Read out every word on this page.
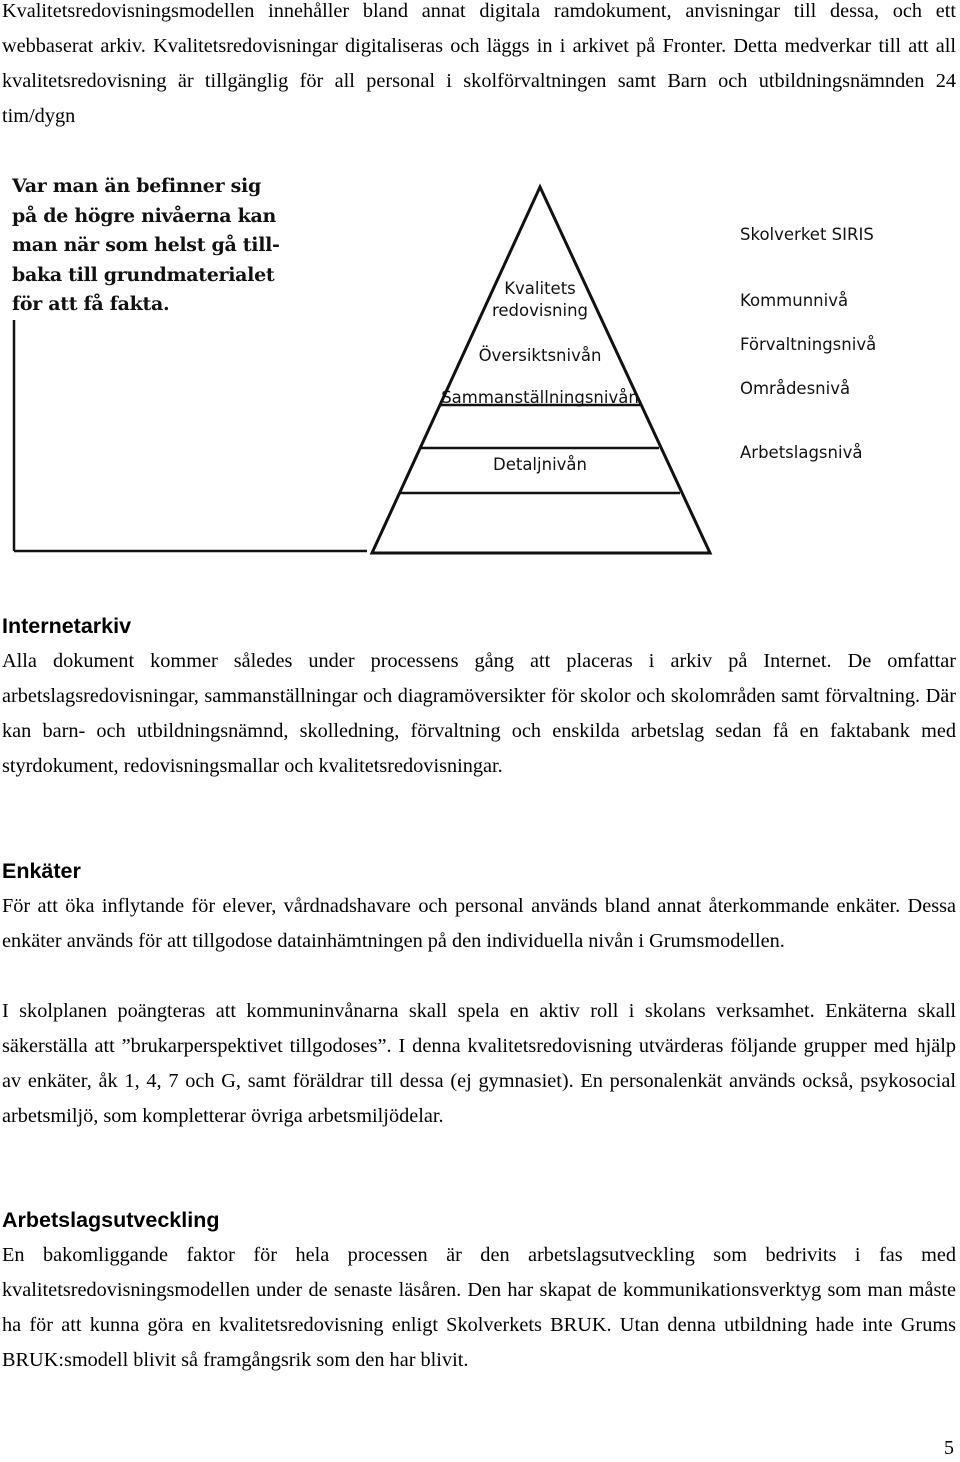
Kvalitetsredovisningsmodellen innehåller bland annat digitala ramdokument, anvisningar till dessa, och ett webbaserat arkiv. Kvalitetsredovisningar digitaliseras och läggs in i arkivet på Fronter. Detta medverkar till att all kvalitetsredovisning är tillgänglig för all personal i skolförvaltningen samt Barn och utbildningsnämnden 24 tim/dygn

Kvalitets
redovisning
Översiktsnivån
Sammanställningsnivån
Detaljnivån
Skolverket SIRIS
Kommunnivå
Förvaltningsnivå
Områdesnivå
Arbetslagsnivå
Var man än befinner sig
på de högre nivåerna kan
man när som helst gå till-
baka till grundmaterialet
för att få fakta.
Internetarkiv

Alla dokument kommer således under processens gång att placeras i arkiv på Internet. De omfattar arbetslagsredovisningar, sammanställningar och diagramöversikter för skolor och skolområden samt förvaltning. Där kan barn- och utbildningsnämnd, skolledning, förvaltning och enskilda arbetslag sedan få en faktabank med styrdokument, redovisningsmallar och kvalitetsredovisningar.

Enkäter

För att öka inflytande för elever, vårdnadshavare och personal används bland annat återkommande enkäter. Dessa enkäter används för att tillgodose datainhämtningen på den individuella nivån i Grumsmodellen.

I skolplanen poängteras att kommuninvånarna skall spela en aktiv roll i skolans verksamhet. Enkäterna skall säkerställa att ”brukarperspektivet tillgodoses”. I denna kvalitetsredovisning utvärderas följande grupper med hjälp av enkäter, åk 1, 4, 7 och G, samt föräldrar till dessa (ej gymnasiet). En personalenkät används också, psykosocial arbetsmiljö, som kompletterar övriga arbetsmiljödelar.

Arbetslagsutveckling

En bakomliggande faktor för hela processen är den arbetslagsutveckling som bedrivits i fas med kvalitetsredovisningsmodellen under de senaste läsåren. Den har skapat de kommunikationsverktyg som man måste ha för att kunna göra en kvalitetsredovisning enligt Skolverkets BRUK. Utan denna utbildning hade inte Grums BRUK:smodell blivit så framgångsrik som den har blivit.

5
